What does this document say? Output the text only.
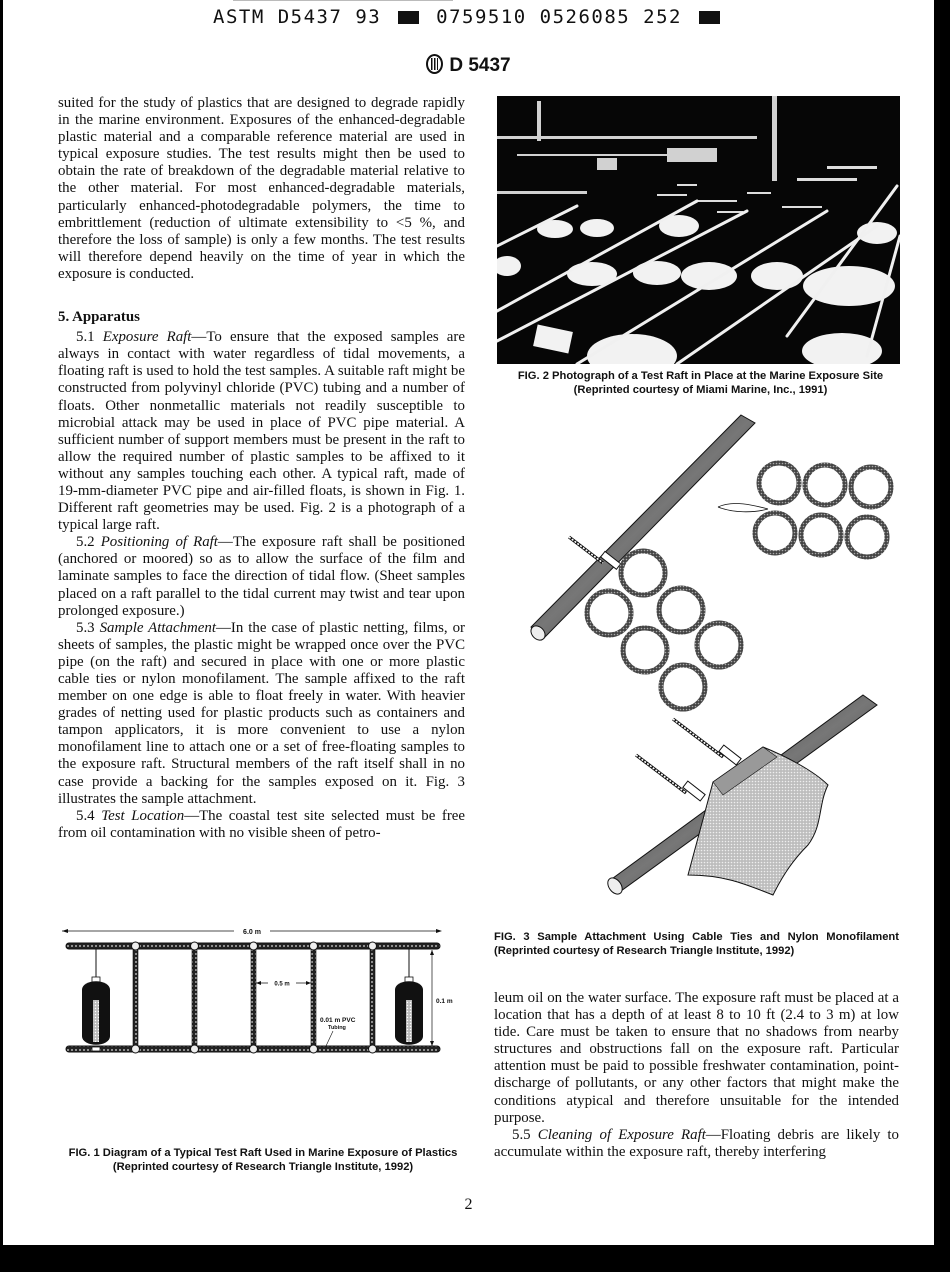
ASTM D5437 93	0759510 0526085 252
D 5437

suited for the study of plastics that are designed to degrade rapidly in the marine environment. Exposures of the enhanced-degradable plastic material and a comparable reference material are used in typical exposure studies. The test results might then be used to obtain the rate of breakdown of the degradable material relative to the other material. For most enhanced-degradable materials, particularly enhanced-photodegradable polymers, the time to embrittlement (reduction of ultimate extensibility to <5 %, and therefore the loss of sample) is only a few months. The test results will therefore depend heavily on the time of year in which the exposure is conducted.

5. Apparatus

5.1 Exposure Raft—To ensure that the exposed samples are always in contact with water regardless of tidal movements, a floating raft is used to hold the test samples. A suitable raft might be constructed from polyvinyl chloride (PVC) tubing and a number of floats. Other nonmetallic materials not readily susceptible to microbial attack may be used in place of PVC pipe material. A sufficient number of support members must be present in the raft to allow the required number of plastic samples to be affixed to it without any samples touching each other. A typical raft, made of 19-mm-diameter PVC pipe and air-filled floats, is shown in Fig. 1. Different raft geometries may be used. Fig. 2 is a photograph of a typical large raft.

5.2 Positioning of Raft—The exposure raft shall be positioned (anchored or moored) so as to allow the surface of the film and laminate samples to face the direction of tidal flow. (Sheet samples placed on a raft parallel to the tidal current may twist and tear upon prolonged exposure.)

5.3 Sample Attachment—In the case of plastic netting, films, or sheets of samples, the plastic might be wrapped once over the PVC pipe (on the raft) and secured in place with one or more plastic cable ties or nylon monofilament. The sample affixed to the raft member on one edge is able to float freely in water. With heavier grades of netting used for plastic products such as containers and tampon applicators, it is more convenient to use a nylon monofilament line to attach one or a set of free-floating samples to the exposure raft. Structural members of the raft itself shall in no case provide a backing for the samples exposed on it. Fig. 3 illustrates the sample attachment.

5.4 Test Location—The coastal test site selected must be free from oil contamination with no visible sheen of petro-

6.0 m
0.5 m
0.1 m
0.01 m PVC
Tubing
FIG. 1 Diagram of a Typical Test Raft Used in Marine Exposure of Plastics (Reprinted courtesy of Research Triangle Institute, 1992)
FIG. 2 Photograph of a Test Raft in Place at the Marine Exposure Site (Reprinted courtesy of Miami Marine, Inc., 1991)
FIG. 3 Sample Attachment Using Cable Ties and Nylon Monofilament (Reprinted courtesy of Research Triangle Institute, 1992)

leum oil on the water surface. The exposure raft must be placed at a location that has a depth of at least 8 to 10 ft (2.4 to 3 m) at low tide. Care must be taken to ensure that no shadows from nearby structures and obstructions fall on the exposure raft. Particular attention must be paid to possible freshwater contamination, point-discharge of pollutants, or any other factors that might make the conditions atypical and therefore unsuitable for the intended purpose.

5.5 Cleaning of Exposure Raft—Floating debris are likely to accumulate within the exposure raft, thereby interfering

2
